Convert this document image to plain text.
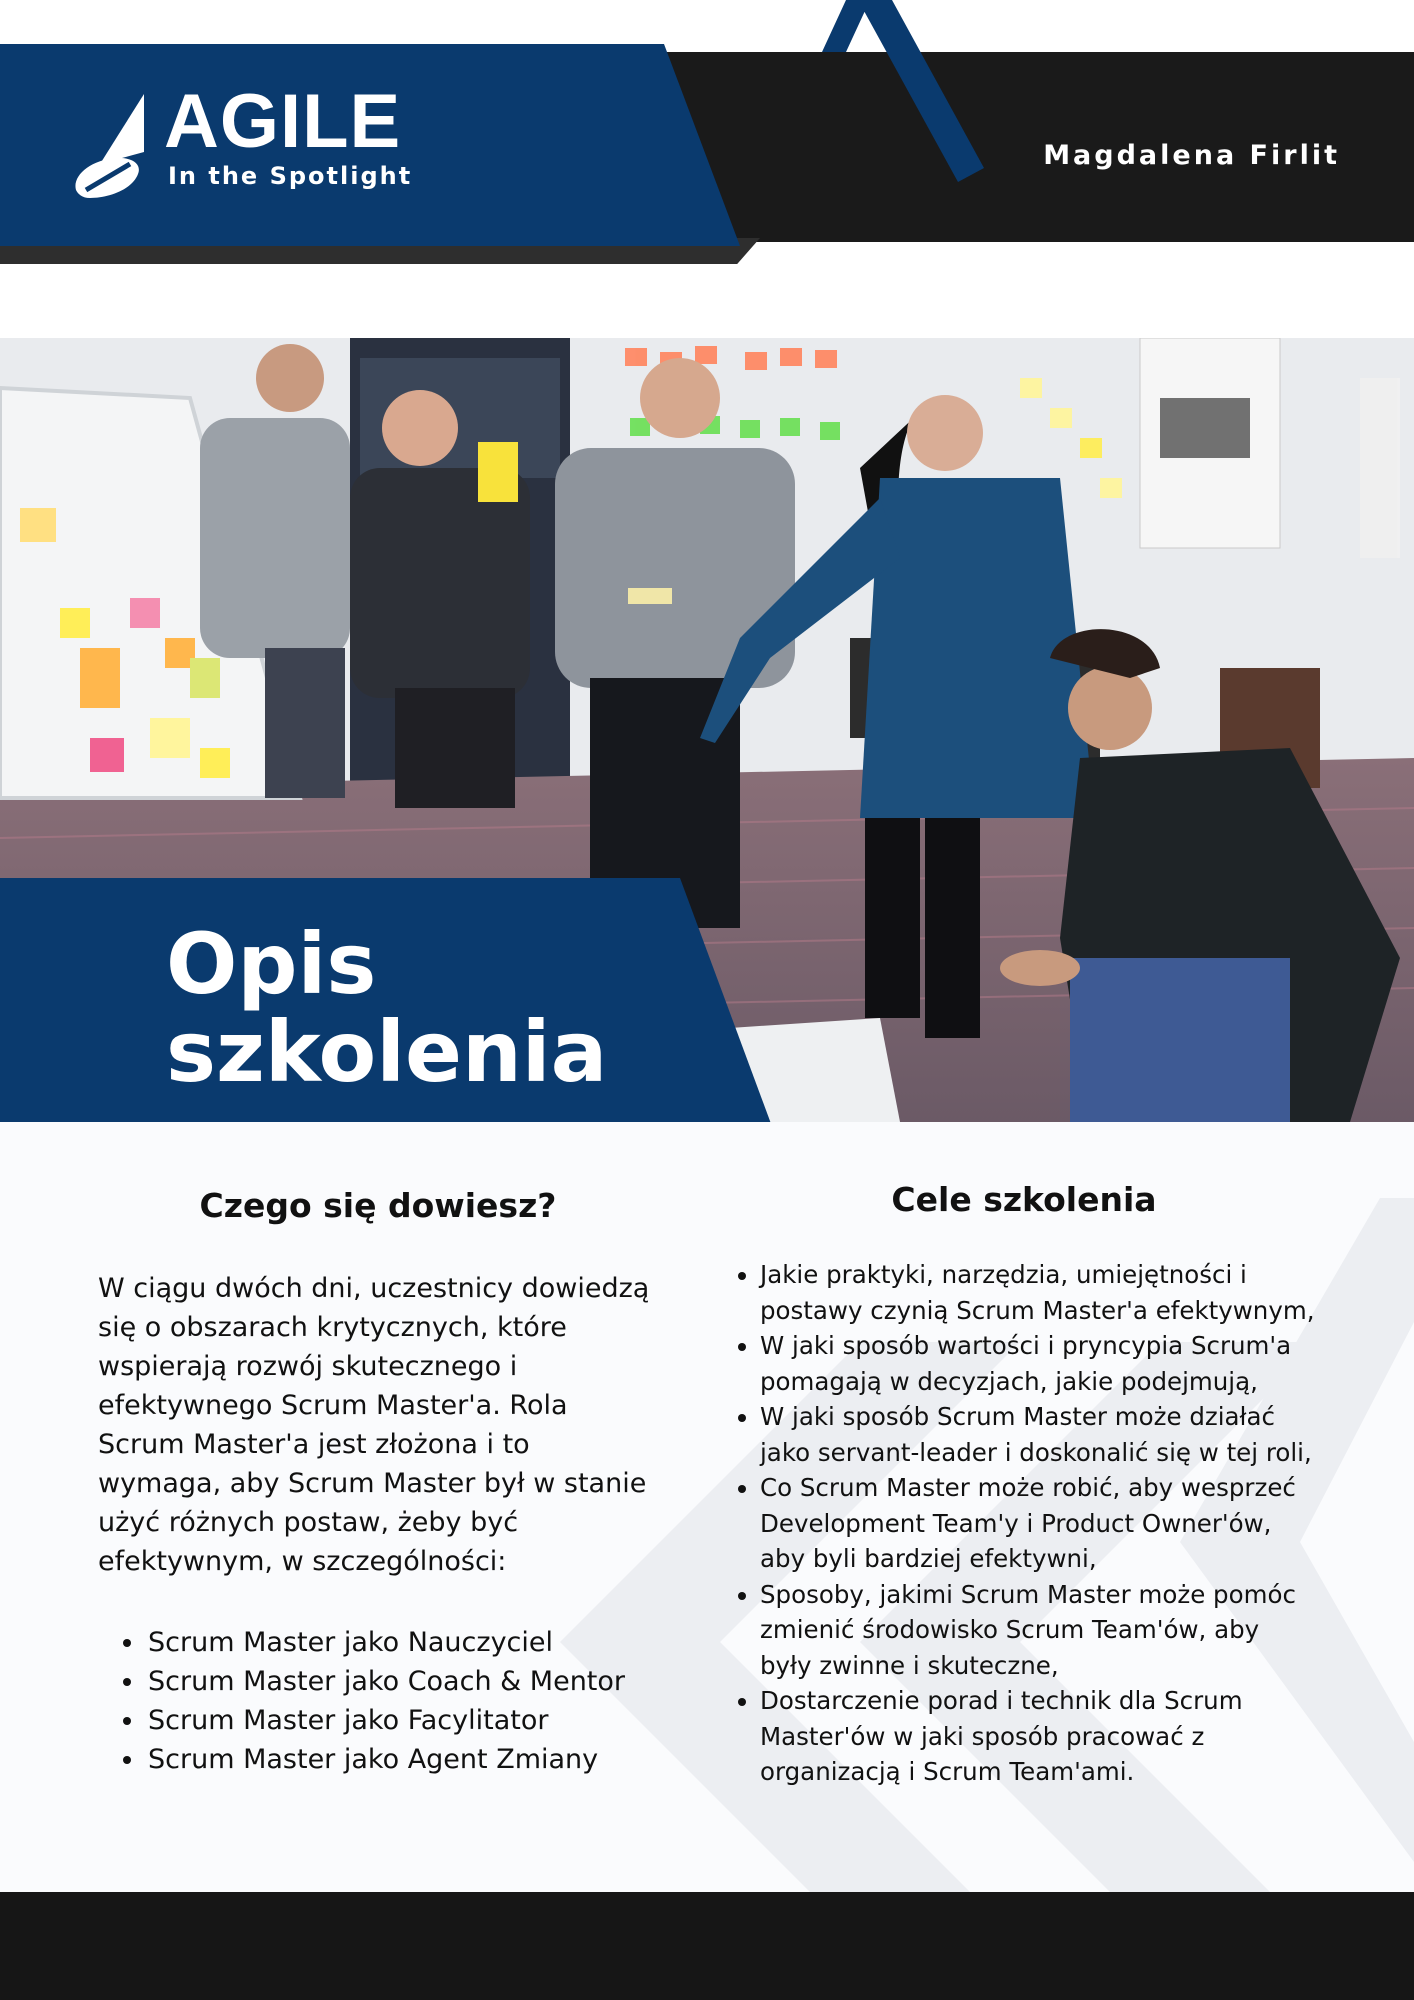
AGILE
In the Spotlight
Magdalena Firlit
Opis
szkolenia
Czego się dowiesz?
W ciągu dwóch dni, uczestnicy dowiedzą się o obszarach krytycznych, które wspierają rozwój skutecznego i efektywnego Scrum Master'a. Rola Scrum Master'a jest złożona i to wymaga, aby Scrum Master był w stanie użyć różnych postaw, żeby być efektywnym, w szczególności:
• Scrum Master jako Nauczyciel
• Scrum Master jako Coach & Mentor
• Scrum Master jako Facylitator
• Scrum Master jako Agent Zmiany
Cele szkolenia
• Jakie praktyki, narzędzia, umiejętności i
postawy czynią Scrum Master'a efektywnym,
• W jaki sposób wartości i pryncypia Scrum'a
pomagają w decyzjach, jakie podejmują,
• W jaki sposób Scrum Master może działać
jako servant-leader i doskonalić się w tej roli,
• Co Scrum Master może robić, aby wesprzeć
Development Team'y i Product Owner'ów,
aby byli bardziej efektywni,
• Sposoby, jakimi Scrum Master może pomóc
zmienić środowisko Scrum Team'ów, aby
były zwinne i skuteczne,
• Dostarczenie porad i technik dla Scrum
Master'ów w jaki sposób pracować z
organizacją i Scrum Team'ami.
